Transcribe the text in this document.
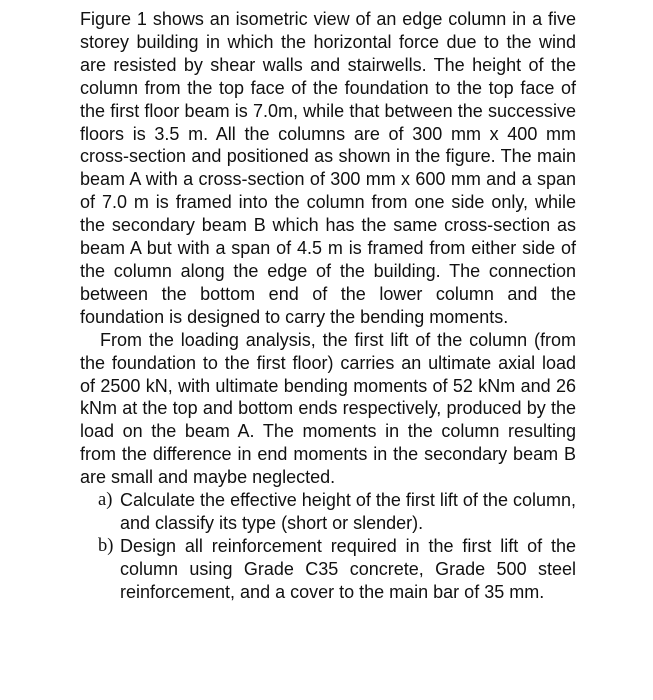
Figure 1 shows an isometric view of an edge column in a five storey building in which the horizontal force due to the wind are resisted by shear walls and stairwells. The height of the column from the top face of the foundation to the top face of the first floor beam is 7.0m, while that between the successive floors is 3.5 m. All the columns are of 300 mm x 400 mm cross-section and positioned as shown in the figure. The main beam A with a cross-section of 300 mm x 600 mm and a span of 7.0 m is framed into the column from one side only, while the secondary beam B which has the same cross-section as beam A but with a span of 4.5 m is framed from either side of the column along the edge of the building. The connection between the bottom end of the lower column and the foundation is designed to carry the bending moments.

From the loading analysis, the first lift of the column (from the foundation to the first floor) carries an ultimate axial load of 2500 kN, with ultimate bending moments of 52 kNm and 26 kNm at the top and bottom ends respectively, produced by the load on the beam A. The moments in the column resulting from the difference in end moments in the secondary beam B are small and maybe neglected.

a) Calculate the effective height of the first lift of the column, and classify its type (short or slender).
b) Design all reinforcement required in the first lift of the column using Grade C35 concrete, Grade 500 steel reinforcement, and a cover to the main bar of 35 mm.
